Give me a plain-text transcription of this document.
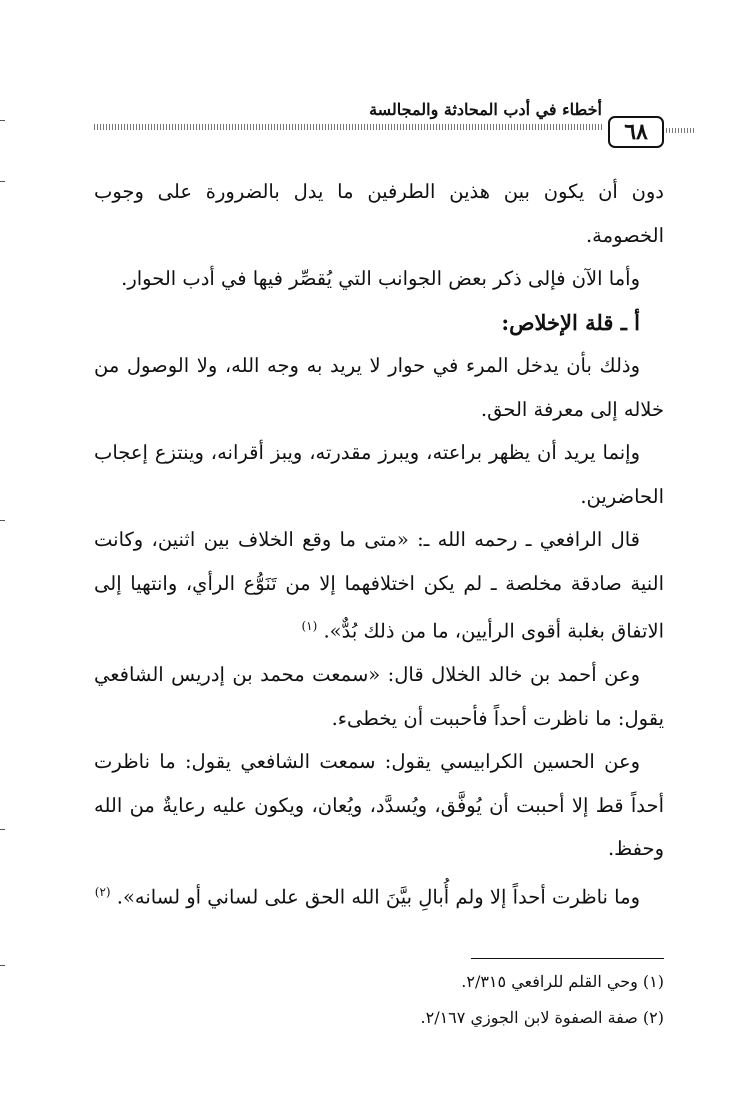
أخطاء في أدب المحادثة والمجالسة
٦٨

دون أن يكون بين هذين الطرفين ما يدل بالضرورة على وجوب الخصومة.

وأما الآن فإلى ذكر بعض الجوانب التي يُقصِّر فيها في أدب الحوار.

أ ـ قلة الإخلاص:

وذلك بأن يدخل المرء في حوار لا يريد به وجه الله، ولا الوصول من خلاله إلى معرفة الحق.

وإنما يريد أن يظهر براعته، ويبرز مقدرته، ويبز أقرانه، وينتزع إعجاب الحاضرين.

قال الرافعي ـ رحمه الله ـ: «متى ما وقع الخلاف بين اثنين، وكانت النية صادقة مخلصة ـ لم يكن اختلافهما إلا من تَنَوُّع الرأي، وانتهيا إلى الاتفاق بغلبة أقوى الرأيين، ما من ذلك بُدٌّ». $^{(١)}$

وعن أحمد بن خالد الخلال قال: «سمعت محمد بن إدريس الشافعي يقول: ما ناظرت أحداً فأحببت أن يخطىء.

وعن الحسين الكرابيسي يقول: سمعت الشافعي يقول: ما ناظرت أحداً قط إلا أحببت أن يُوفَّق، ويُسدَّد، ويُعان، ويكون عليه رعايةٌ من الله وحفظ.

وما ناظرت أحداً إلا ولم أُبالِ بيَّنَ الله الحق على لساني أو لسانه». $^{(٢)}$

(١) وحي القلم للرافعي ٢/٣١٥.

(٢) صفة الصفوة لابن الجوزي ٢/١٦٧.
